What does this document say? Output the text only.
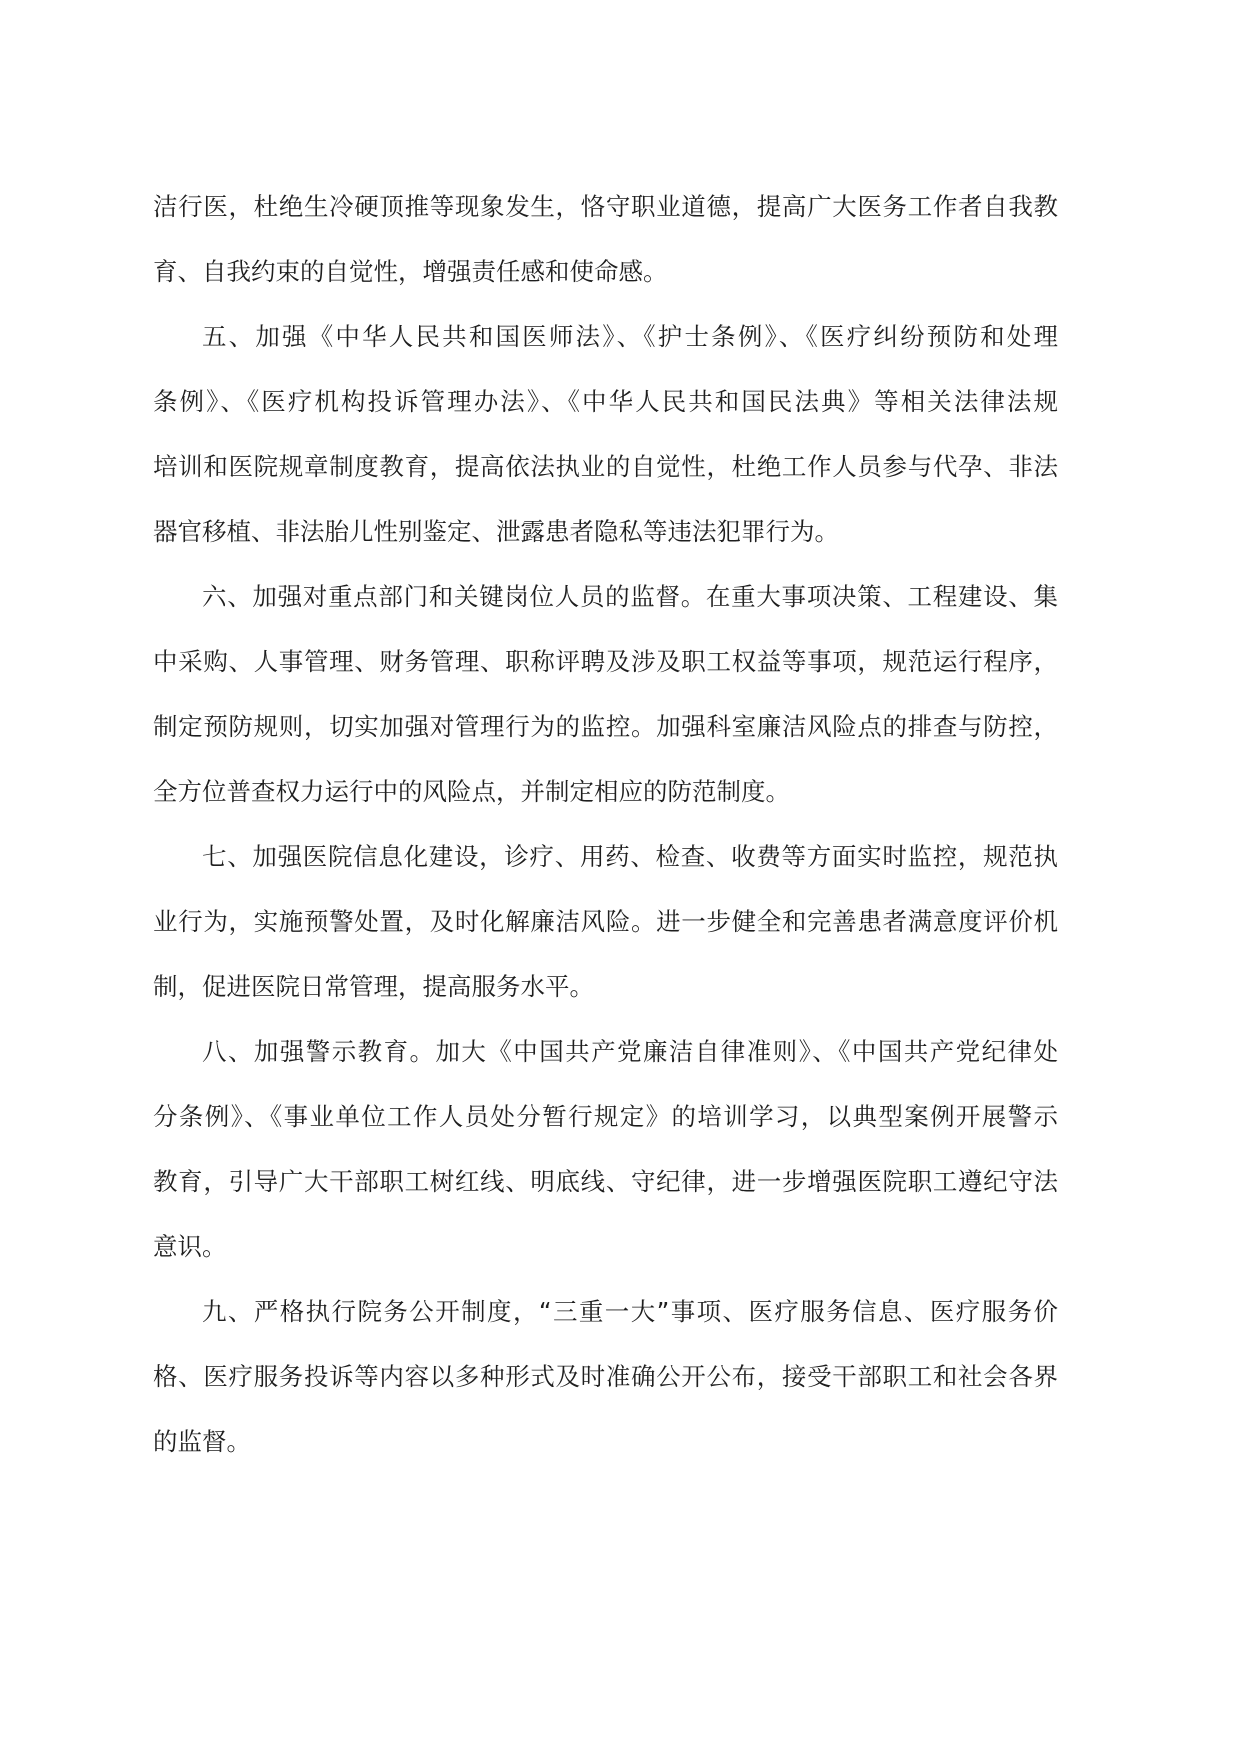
洁行医，杜绝生冷硬顶推等现象发生，恪守职业道德，提高广大医务工作者自我教
育、自我约束的自觉性，增强责任感和使命感。
五、加强《中华人民共和国医师法》、《护士条例》、《医疗纠纷预防和处理
条例》、《医疗机构投诉管理办法》、《中华人民共和国民法典》等相关法律法规
培训和医院规章制度教育，提高依法执业的自觉性，杜绝工作人员参与代孕、非法
器官移植、非法胎儿性别鉴定、泄露患者隐私等违法犯罪行为。
六、加强对重点部门和关键岗位人员的监督。在重大事项决策、工程建设、集
中采购、人事管理、财务管理、职称评聘及涉及职工权益等事项，规范运行程序，
制定预防规则，切实加强对管理行为的监控。加强科室廉洁风险点的排查与防控，
全方位普查权力运行中的风险点，并制定相应的防范制度。
七、加强医院信息化建设，诊疗、用药、检查、收费等方面实时监控，规范执
业行为，实施预警处置，及时化解廉洁风险。进一步健全和完善患者满意度评价机
制，促进医院日常管理，提高服务水平。
八、加强警示教育。加大《中国共产党廉洁自律准则》、《中国共产党纪律处
分条例》、《事业单位工作人员处分暂行规定》的培训学习，以典型案例开展警示
教育，引导广大干部职工树红线、明底线、守纪律，进一步增强医院职工遵纪守法
意识。
九、严格执行院务公开制度，“三重一大”事项、医疗服务信息、医疗服务价
格、医疗服务投诉等内容以多种形式及时准确公开公布，接受干部职工和社会各界
的监督。
